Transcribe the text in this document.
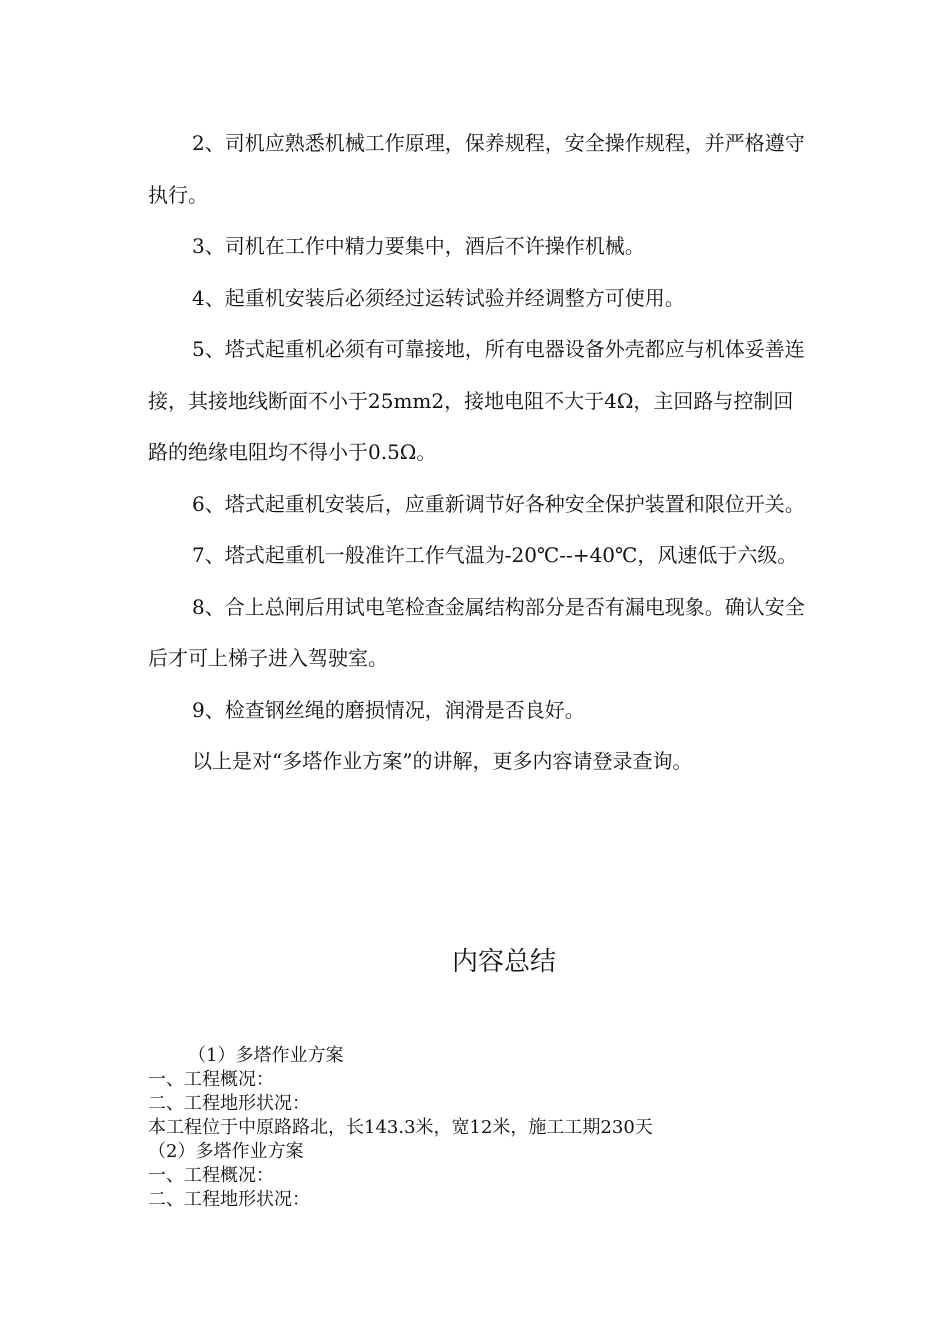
2、司机应熟悉机械工作原理，保养规程，安全操作规程，并严格遵守执行。

3、司机在工作中精力要集中，酒后不许操作机械。

4、起重机安装后必须经过运转试验并经调整方可使用。

5、塔式起重机必须有可靠接地，所有电器设备外壳都应与机体妥善连接，其接地线断面不小于25mm2，接地电阻不大于4Ω，主回路与控制回路的绝缘电阻均不得小于0.5Ω。

6、塔式起重机安装后，应重新调节好各种安全保护装置和限位开关。

7、塔式起重机一般准许工作气温为-20℃--+40℃，风速低于六级。

8、合上总闸后用试电笔检查金属结构部分是否有漏电现象。确认安全后才可上梯子进入驾驶室。

9、检查钢丝绳的磨损情况，润滑是否良好。

以上是对“多塔作业方案”的讲解，更多内容请登录查询。

内容总结
（1）多塔作业方案
一、工程概况：
二、工程地形状况：
本工程位于中原路路北，长143.3米，宽12米，施工工期230天
（2）多塔作业方案
一、工程概况：
二、工程地形状况：
